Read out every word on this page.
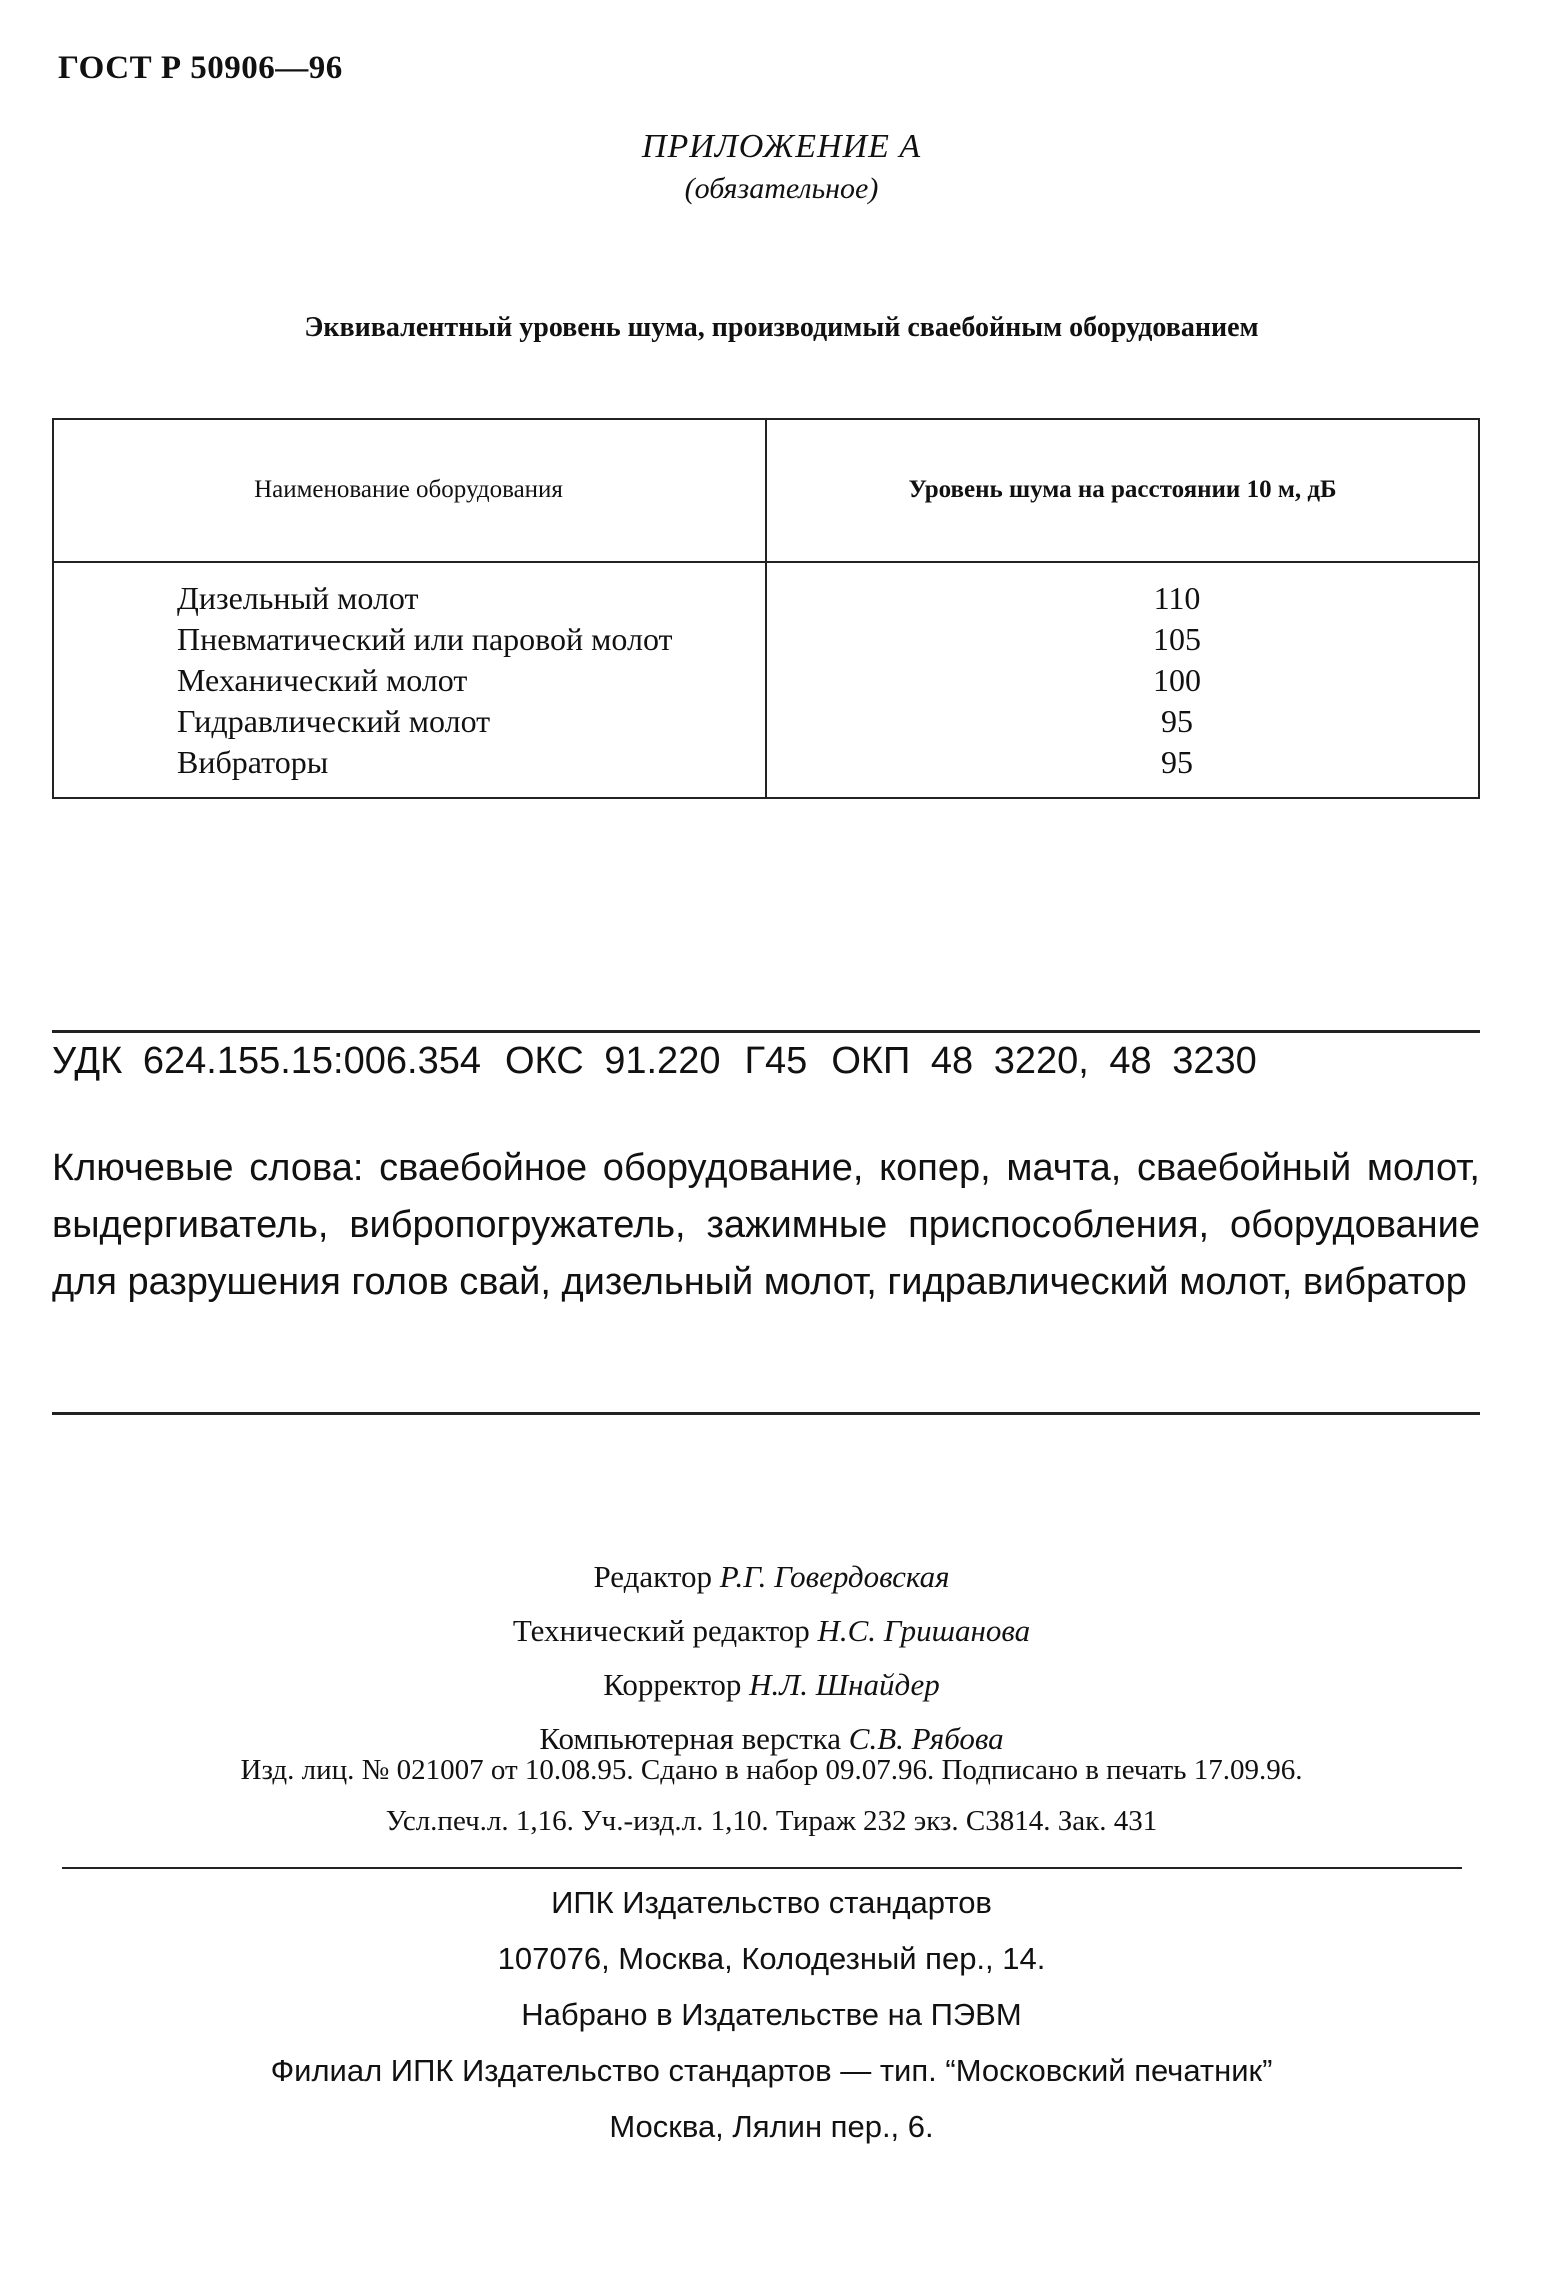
ГОСТ Р 50906—96
ПРИЛОЖЕНИЕ А
(обязательное)
Эквивалентный уровень шума, производимый сваебойным оборудованием
Наименование оборудования	Уровень шума на расстоянии 10 м, дБ
Дизельный молот	110
Пневматический или паровой молот	105
Механический молот	100
Гидравлический молот	95
Вибраторы	95
УДК 624.155.15:006.354 ОКС 91.220 Г45 ОКП 48 3220, 48 3230
Ключевые слова: сваебойное оборудование, копер, мачта, сваебойный молот, выдергиватель, вибропогружатель, зажимные приспособления, оборудование для разрушения голов свай, дизельный молот, гидравлический молот, вибратор
Редактор Р.Г. Говердовская
Технический редактор Н.С. Гришанова
Корректор Н.Л. Шнайдер
Компьютерная верстка С.В. Рябова
Изд. лиц. № 021007 от 10.08.95. Сдано в набор 09.07.96. Подписано в печать 17.09.96.
Усл.печ.л. 1,16. Уч.-изд.л. 1,10. Тираж 232 экз. С3814. Зак. 431
ИПК Издательство стандартов
107076, Москва, Колодезный пер., 14.
Набрано в Издательстве на ПЭВМ
Филиал ИПК Издательство стандартов — тип. “Московский печатник”
Москва, Лялин пер., 6.
